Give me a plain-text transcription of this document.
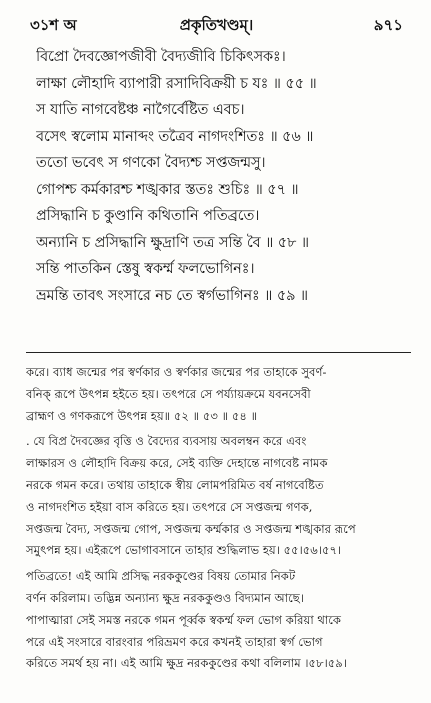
৩১শ অ	প্রকৃতিখণ্ডম্।	৯৭১
বিপ্রো দৈবজ্ঞোপজীবী বৈদ্যজীবি চিকিৎসকঃ।
লাক্ষা লৌহাদি ব্যাপারী রসাদিবিক্রয়ী চ যঃ ॥ ৫৫ ॥
স যাতি নাগবেষ্টঞ্চ নাগৈর্বেষ্টিত এবচ।
বসেৎ স্বলোম মানাব্দং তত্রৈব নাগদংশিতঃ ॥ ৫৬ ॥
ততো ভবেৎ স গণকো বৈদ্যশ্চ সপ্তজন্মসু।
গোপশ্চ কর্মকারশ্চ শঙ্খকার স্ততঃ শুচিঃ ॥ ৫৭ ॥
প্রসিদ্ধানি চ কুণ্ডানি কথিতানি পতিব্রতে।
অন্যানি চ প্রসিদ্ধানি ক্ষুদ্রাণি তত্র সন্তি বৈ ॥ ৫৮ ॥
সন্তি পাতকিন স্তেষু স্বকর্ম্ম ফলভোগিনঃ।
ভ্রমন্তি তাবৎ সংসারে নচ তে স্বর্গভাগিনঃ ॥ ৫৯ ॥
করে। ব্যাধ জন্মের পর স্বর্ণকার ও স্বর্ণকার জন্মের পর তাহাকে সুবর্ণ-
বনিক্ রূপে উৎপন্ন হইতে হয়। তৎপরে সে পর্য্যায়ক্রমে যবনসেবী
ব্রাহ্মণ ও গণকরূপে উৎপন্ন হয়॥ ৫২ ॥ ৫৩ ॥ ৫৪ ॥
. যে বিপ্র দৈবজ্ঞের বৃত্তি ও বৈদ্যের ব্যবসায় অবলম্বন করে এবং
লাক্ষারস ও লৌহাদি বিক্রয় করে, সেই ব্যক্তি দেহান্তে নাগবেষ্ট নামক
নরকে গমন করে। তথায় তাহাকে স্বীয় লোমপরিমিত বর্ষ নাগবেষ্টিত
ও নাগদংশিত হইয়া বাস করিতে হয়। তৎপরে সে সপ্তজন্ম গণক,
সপ্তজন্ম বৈদ্য, সপ্তজন্ম গোপ, সপ্তজন্ম কর্ম্মকার ও সপ্তজন্ম শঙ্খকার রূপে
সমুৎপন্ন হয়। এইরূপে ভোগাবসানে তাহার শুদ্ধিলাভ হয়। ৫৫।৫৬।৫৭।
পতিব্রতে! এই আমি প্রসিদ্ধ নরককুণ্ডের বিষয় তোমার নিকট
বর্ণন করিলাম। তদ্ভিন্ন অন্যান্য ক্ষুদ্র নরককুণ্ডও বিদ্যমান আছে।
পাপাত্মারা সেই সমস্ত নরকে গমন পূর্ব্বক স্বকর্ম্ম ফল ভোগ করিয়া থাকে
পরে এই সংসারে বারংবার পরিভ্রমণ করে কখনই তাহারা স্বর্গ ভোগ
করিতে সমর্থ হয় না। এই আমি ক্ষুদ্র নরককুণ্ডের কথা বলিলাম ।৫৮।৫৯।
